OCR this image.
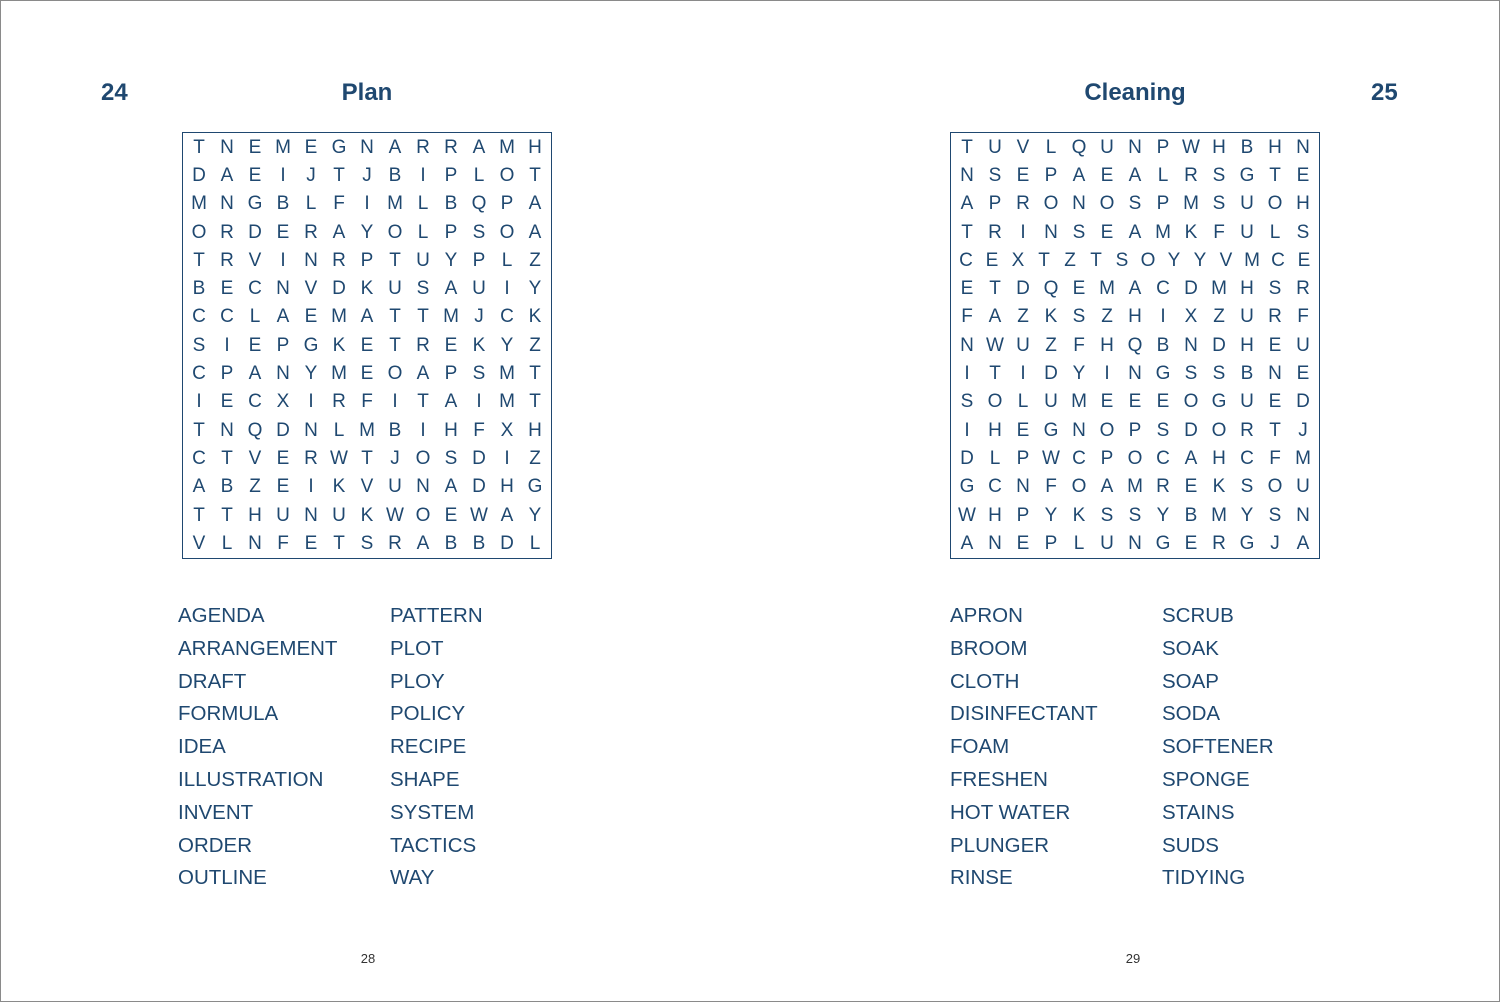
24	Plan
T N E M E G N A R R A M H
D A E	I	J T J B	I	P L O T
M N G B L F	I M L B Q P A
O R D E R A Y O L P S O A
T R V	I N R P T U Y P L Z
B E C N V D K U S A U I	Y
C C L A E M A T T M J C K
S	I	E P G K E T R E K Y Z
C P A N Y M E O A P S M T
I	E C X	I R F	I	T A	I M T
T N Q D N L M B	I H F X H
C T V E R W T J O S D I	Z
A B Z E	I	K V U N A D H G
T T H U N U K W O E W A Y
V L N F E T S R A B B D L
AGENDA
ARRANGEMENT
DRAFT
FORMULA
IDEA
ILLUSTRATION
INVENT
ORDER
OUTLINE
PATTERN
PLOT
PLOY
POLICY
RECIPE
SHAPE
SYSTEM
TACTICS
WAY
28
Cleaning	25
T U V L Q U N P W H B H N
N S E P A E A L R S G T E
A P R O N O S P M S U O H
T R I N S E A M K F U L S
C E X T Z T S O Y Y V M C E
E T D Q E M A C D M H S R
F A Z K S Z H I	X Z U R F
N W U Z F H Q B N D H E U
I	T	I D Y	I N G S S B N E
S O L U M E E E O G U E D
I H E G N O P S D O R T J
D L P W C P O C A H C F M
G C N F O A M R E K S O U
W H P Y K S S Y B M Y S N
A N E P L U N G E R G J A
APRON
BROOM
CLOTH
DISINFECTANT
FOAM
FRESHEN
HOT WATER
PLUNGER
RINSE
SCRUB
SOAK
SOAP
SODA
SOFTENER
SPONGE
STAINS
SUDS
TIDYING
29
